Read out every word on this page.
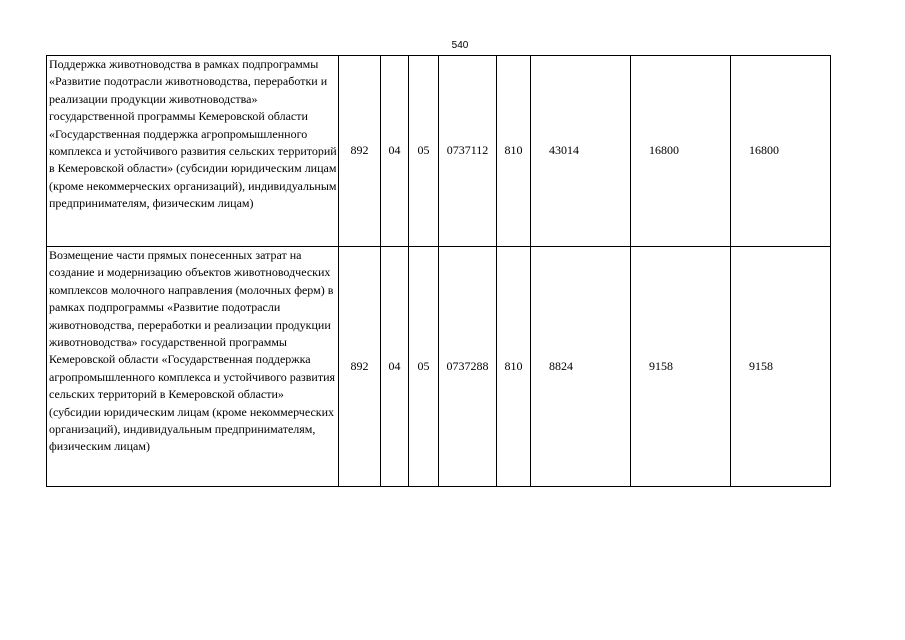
540
Поддержка животноводства в рамках подпрограммы «Развитие подотрасли животноводства, переработки и реализации продукции животноводства» государственной программы Кемеровской области «Государственная поддержка агропромышленного комплекса и устойчивого развития сельских территорий в Кемеровской области» (субсидии юридическим лицам (кроме некоммерческих организаций), индивидуальным предпринимателям, физическим лицам)	892	04	05	0737112	810	43014	16800	16800
Возмещение части прямых понесенных затрат на создание и модернизацию объектов животноводческих комплексов молочного направления (молочных ферм) в рамках подпрограммы «Развитие подотрасли животноводства, переработки и реализации продукции животноводства» государственной программы Кемеровской области «Государственная поддержка агропромышленного комплекса и устойчивого развития сельских территорий в Кемеровской области» (субсидии юридическим лицам (кроме некоммерческих организаций), индивидуальным предпринимателям, физическим лицам)	892	04	05	0737288	810	8824	9158	9158
